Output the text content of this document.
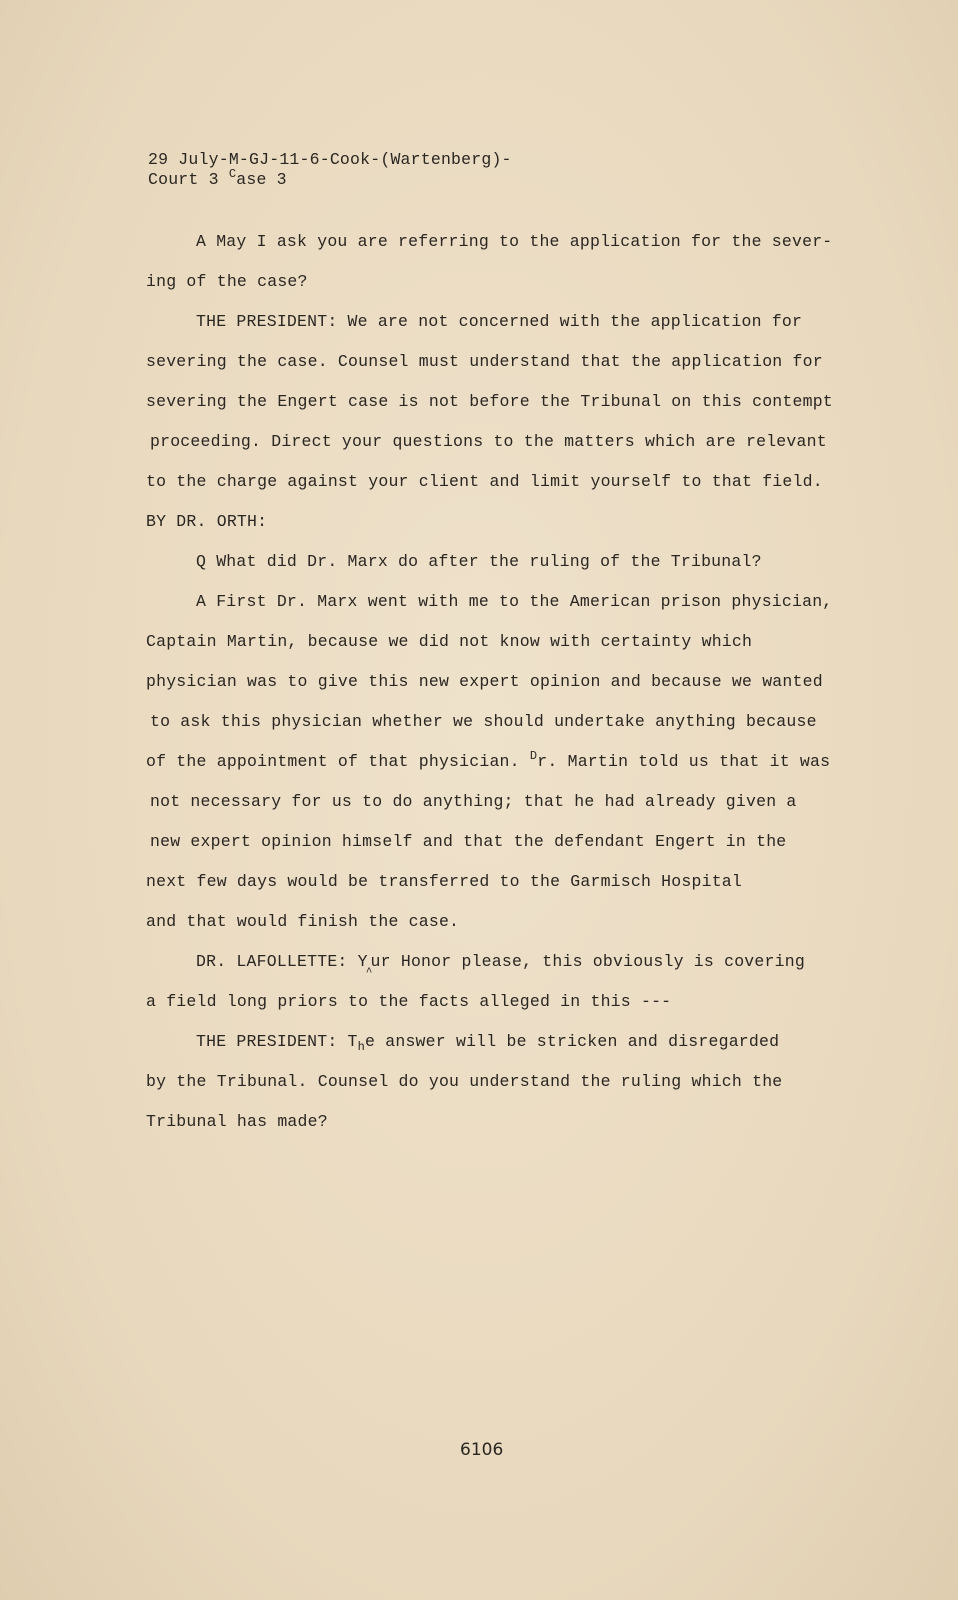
29 July-M-GJ-11-6-Cook-(Wartenberg)-
Court 3 $^C$ase 3
A May I ask you are referring to the application for the sever-
ing of the case?
THE PRESIDENT: We are not concerned with the application for
severing the case. Counsel must understand that the application for
severing the Engert case is not before the Tribunal on this contempt
proceeding. Direct your questions to the matters which are relevant
to the charge against your client and limit yourself to that field.
BY DR. ORTH:
Q What did Dr. Marx do after the ruling of the Tribunal?
A First Dr. Marx went with me to the American prison physician,
Captain Martin, because we did not know with certainty which
physician was to give this new expert opinion and because we wanted
to ask this physician whether we should undertake anything because
of the appointment of that physician. $^D$r. Martin told us that it was
not necessary for us to do anything; that he had already given a
new expert opinion himself and that the defendant Engert in the
next few days would be transferred to the Garmisch Hospital
and that would finish the case.
DR. LAFOLLETTE: $Y_{\^{}}ur$ Honor please, this obviously is covering
a field long priors to the facts alleged in this ---
THE PRESIDENT: $T_he$ answer will be stricken and disregarded
by the Tribunal. Counsel do you understand the ruling which the
Tribunal has made?
6106
